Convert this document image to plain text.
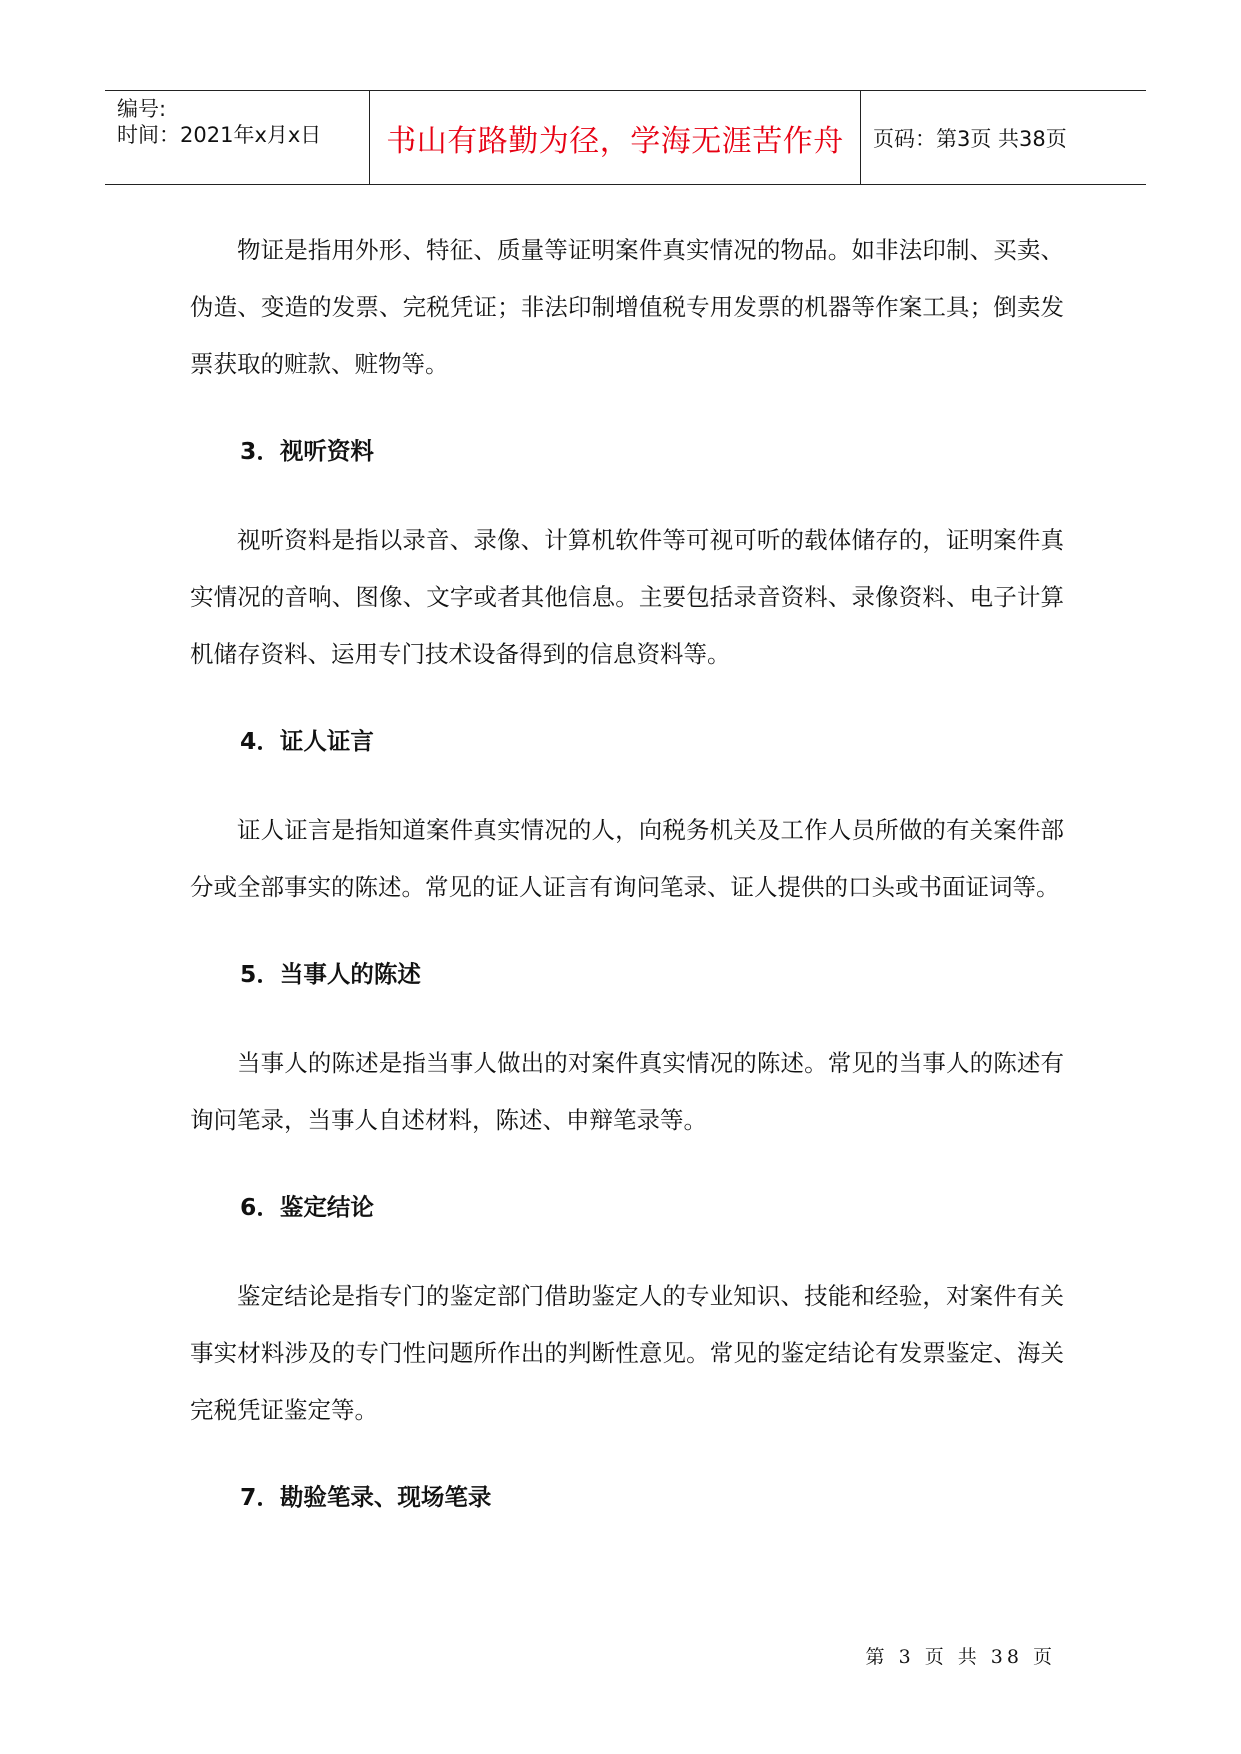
编号:
时间：2021年x月x日 书山有路勤为径，学海无涯苦作舟 页码：第3页 共38页

物证是指用外形、特征、质量等证明案件真实情况的物品。如非法印制、买卖、伪造、变造的发票、完税凭证；非法印制增值税专用发票的机器等作案工具；倒卖发票获取的赃款、赃物等。

3．视听资料

视听资料是指以录音、录像、计算机软件等可视可听的载体储存的，证明案件真实情况的音响、图像、文字或者其他信息。主要包括录音资料、录像资料、电子计算机储存资料、运用专门技术设备得到的信息资料等。

4．证人证言

证人证言是指知道案件真实情况的人，向税务机关及工作人员所做的有关案件部分或全部事实的陈述。常见的证人证言有询问笔录、证人提供的口头或书面证词等。

5．当事人的陈述

当事人的陈述是指当事人做出的对案件真实情况的陈述。常见的当事人的陈述有询问笔录，当事人自述材料，陈述、申辩笔录等。

6．鉴定结论

鉴定结论是指专门的鉴定部门借助鉴定人的专业知识、技能和经验，对案件有关事实材料涉及的专门性问题所作出的判断性意见。常见的鉴定结论有发票鉴定、海关完税凭证鉴定等。

7．勘验笔录、现场笔录

第 3 页 共 38 页
